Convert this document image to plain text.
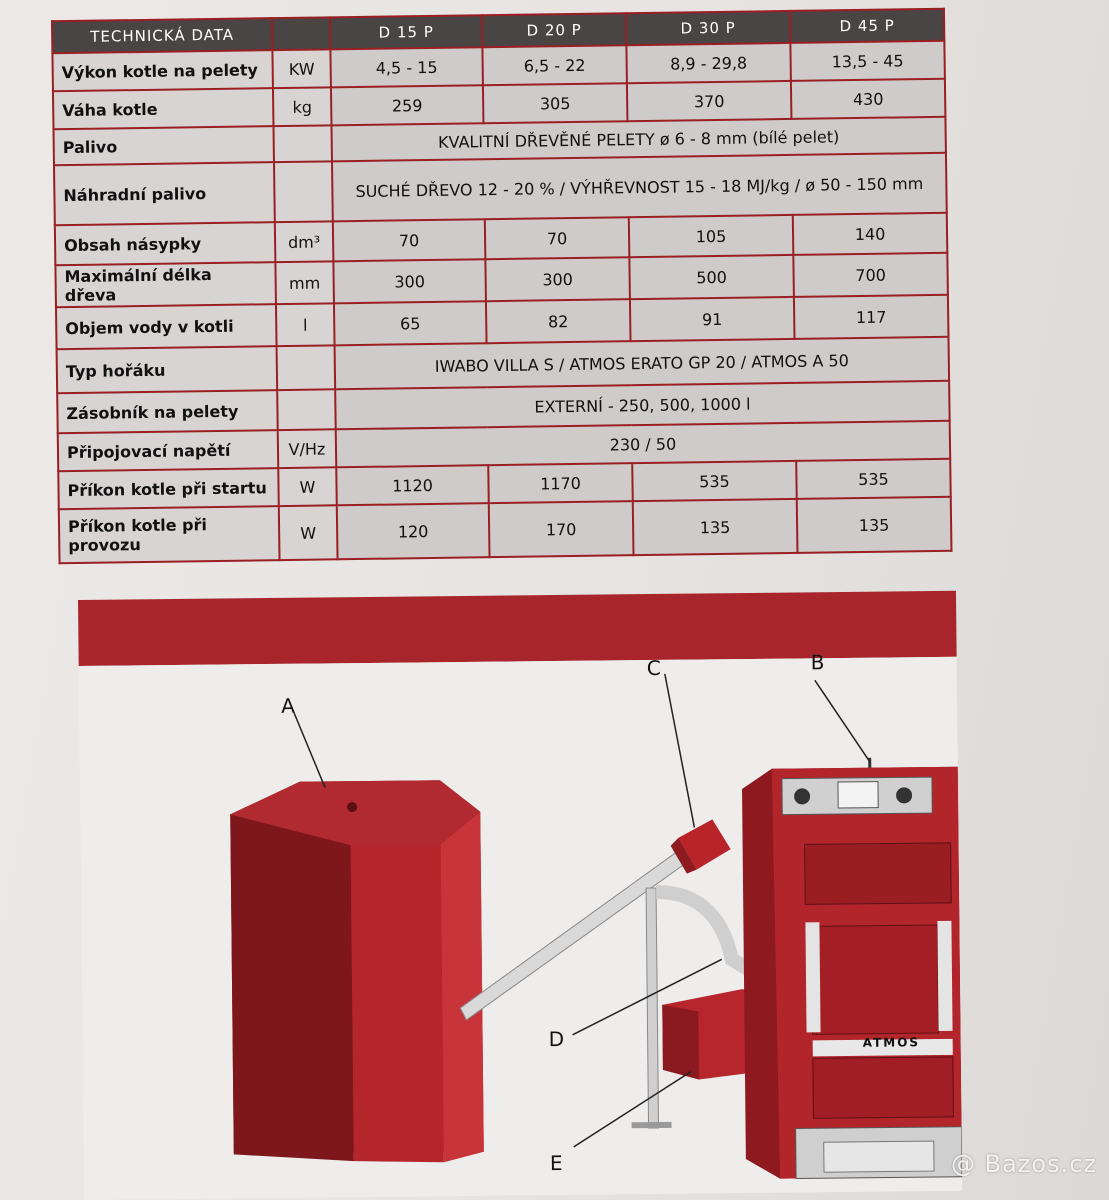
TECHNICKÁ DATA		D 15 P	D 20 P	D 30 P	D 45 P
Výkon kotle na pelety	KW	4,5 - 15	6,5 - 22	8,9 - 29,8	13,5 - 45
Váha kotle	kg	259	305	370	430
Palivo		KVALITNÍ DŘEVĚNÉ PELETY ø 6 - 8 mm (bílé pelet)			
Náhradní palivo		SUCHÉ DŘEVO 12 - 20 % / VÝHŘEVNOST 15 - 18 MJ/kg / ø 50 - 150 mm			
Obsah násypky	dm³	70	70	105	140
Maximální délka dřeva	mm	300	300	500	700
Objem vody v kotli	l	65	82	91	117
Typ hořáku		IWABO VILLA S / ATMOS ERATO GP 20 / ATMOS A 50			
Zásobník na pelety		EXTERNÍ - 250, 500, 1000 l			
Připojovací napětí	V/Hz	230 / 50			
Příkon kotle při startu	W	1120	1170	535	535
Příkon kotle při provozu	W	120	170	135	135
A
C	B
D
E
ATMOS
@ Bazos.cz
